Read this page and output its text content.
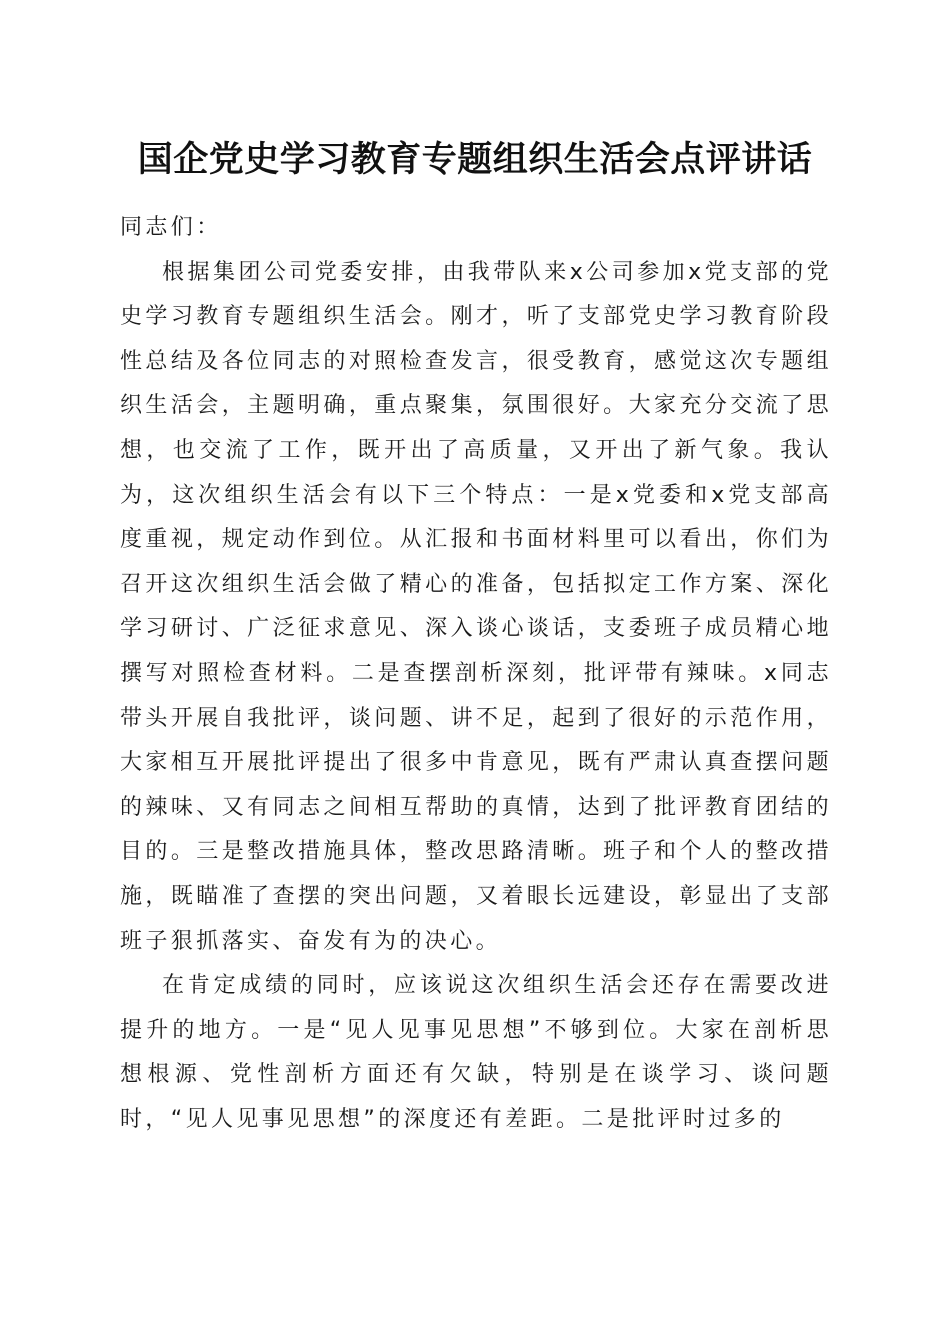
国企党史学习教育专题组织生活会点评讲话

同志们：

根据集团公司党委安排，由我带队来x公司参加x党支部的党史学习教育专题组织生活会。刚才，听了支部党史学习教育阶段性总结及各位同志的对照检查发言，很受教育，感觉这次专题组织生活会，主题明确，重点聚集，氛围很好。大家充分交流了思想，也交流了工作，既开出了高质量，又开出了新气象。我认为，这次组织生活会有以下三个特点：一是x党委和x党支部高度重视，规定动作到位。从汇报和书面材料里可以看出，你们为召开这次组织生活会做了精心的准备，包括拟定工作方案、深化学习研讨、广泛征求意见、深入谈心谈话，支委班子成员精心地撰写对照检查材料。二是查摆剖析深刻，批评带有辣味。x同志带头开展自我批评，谈问题、讲不足，起到了很好的示范作用，大家相互开展批评提出了很多中肯意见，既有严肃认真查摆问题的辣味、又有同志之间相互帮助的真情，达到了批评教育团结的目的。三是整改措施具体，整改思路清晰。班子和个人的整改措施，既瞄准了查摆的突出问题，又着眼长远建设，彰显出了支部班子狠抓落实、奋发有为的决心。

在肯定成绩的同时，应该说这次组织生活会还存在需要改进提升的地方。一是“见人见事见思想”不够到位。大家在剖析思想根源、党性剖析方面还有欠缺，特别是在谈学习、谈问题时，“见人见事见思想”的深度还有差距。二是批评时过多的
